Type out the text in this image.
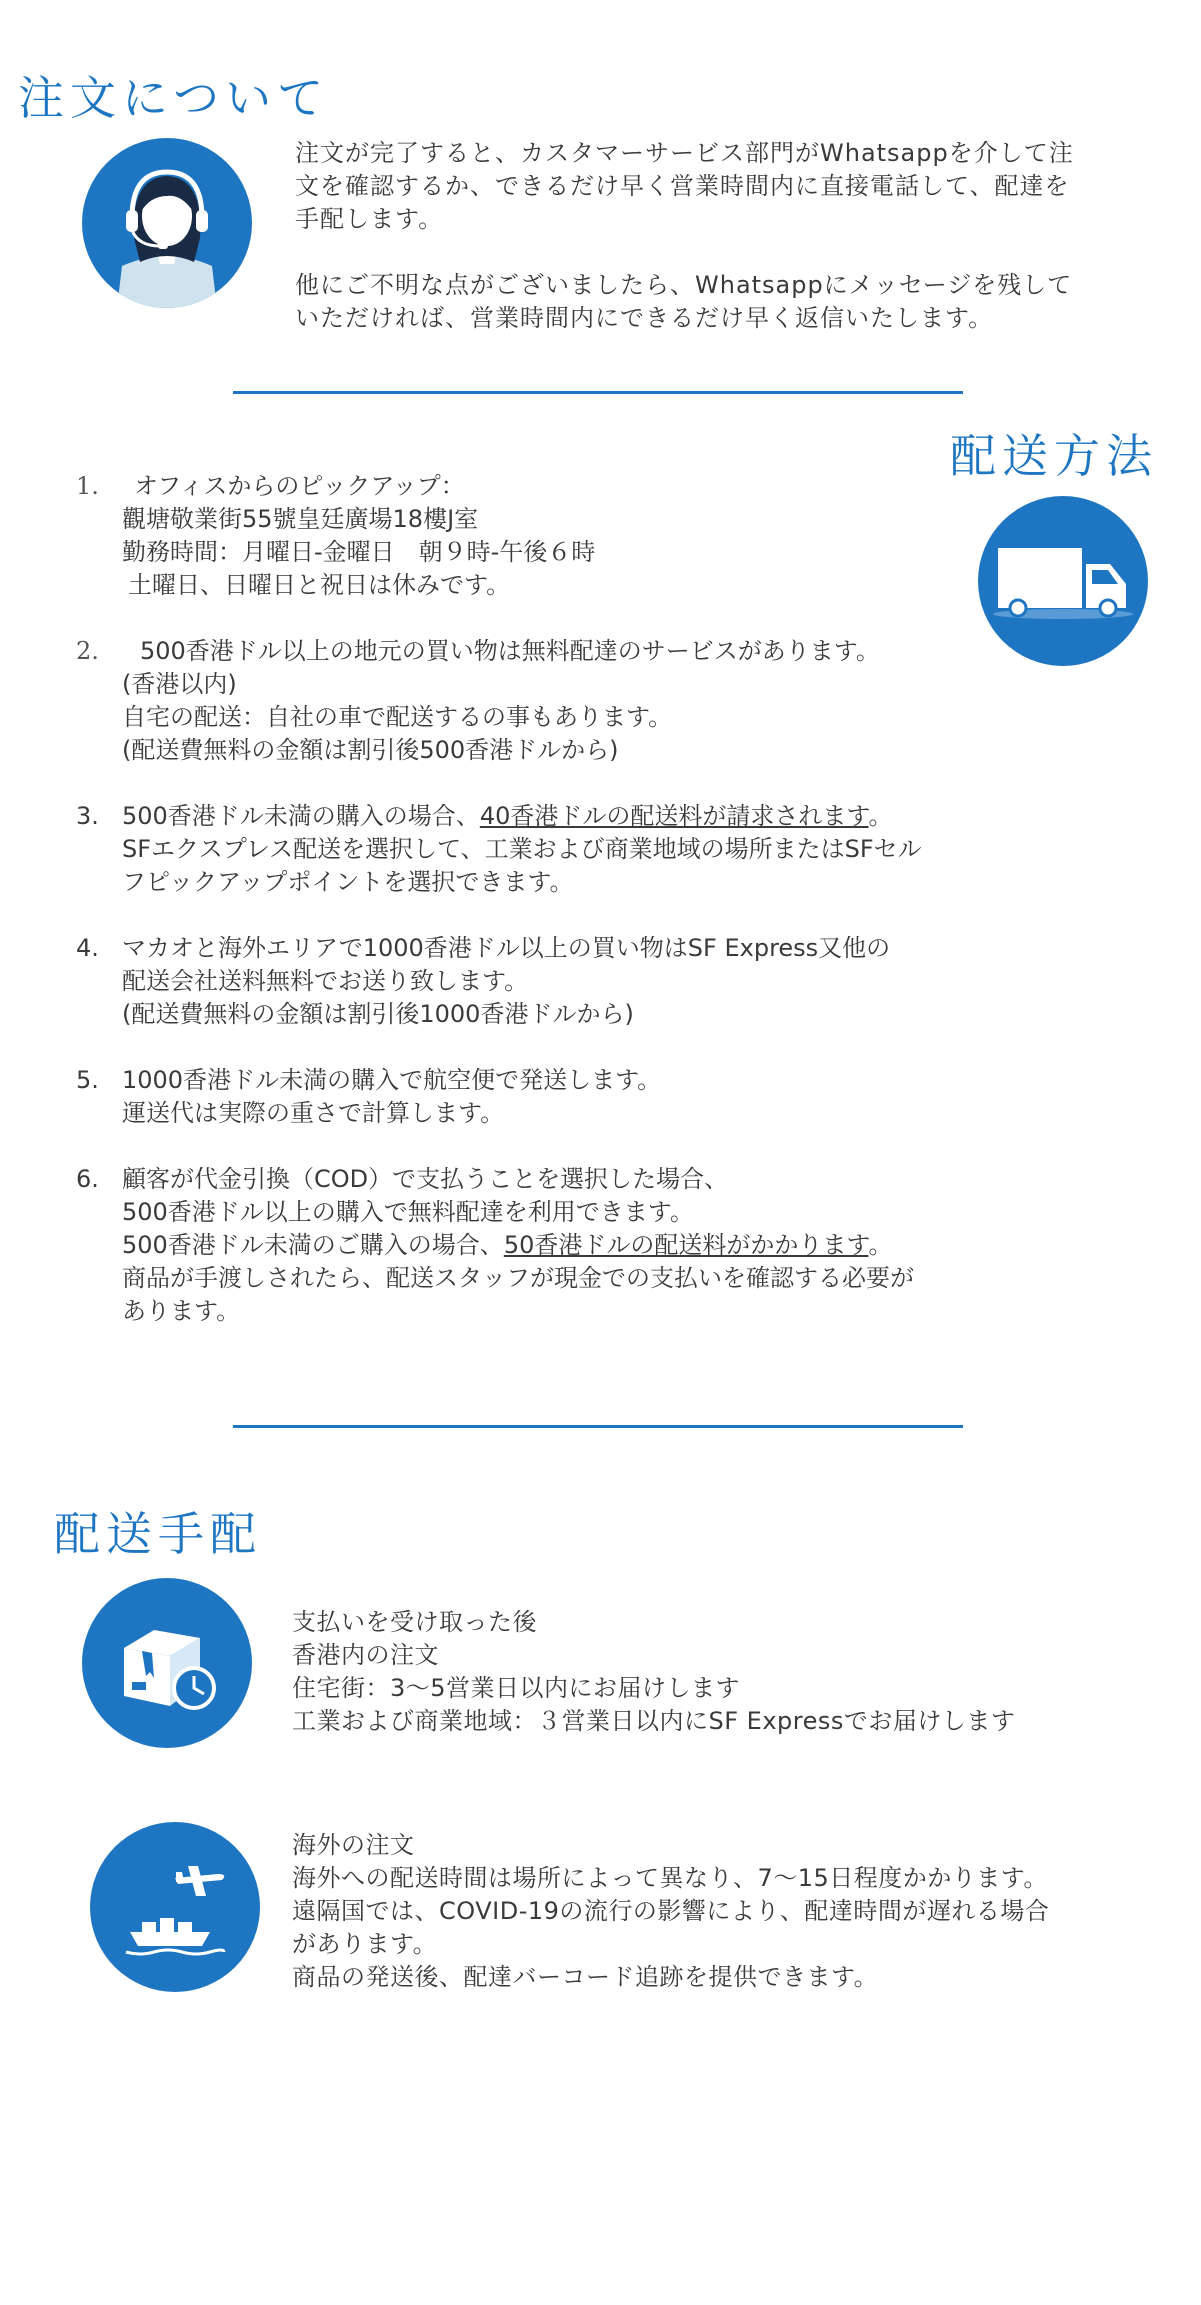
注文について

注文が完了すると、カスタマーサービス部門がWhatsappを介して注

文を確認するか、できるだけ早く営業時間内に直接電話して、配達を

手配します。

他にご不明な点がございましたら、Whatsappにメッセージを残して

いただければ、営業時間内にできるだけ早く返信いたします。

配送方法
1.	オフィスからのピックアップ：

觀塘敬業街55號皇廷廣場18樓J室

勤務時間：月曜日-金曜日　朝９時-午後６時

土曜日、日曜日と祝日は休みです。

2.	500香港ドル以上の地元の買い物は無料配達のサービスがあります。

(香港以内)

自宅の配送：自社の車で配送するの事もあります。

(配送費無料の金額は割引後500香港ドルから)

3. 500香港ドル未満の購入の場合、40香港ドルの配送料が請求されます。

SFエクスプレス配送を選択して、工業および商業地域の場所またはSFセル

フピックアップポイントを選択できます。

4. マカオと海外エリアで1000香港ドル以上の買い物はSF Express又他の

配送会社送料無料でお送り致します。

(配送費無料の金額は割引後1000香港ドルから)

5. 1000香港ドル未満の購入で航空便で発送します。

運送代は実際の重さで計算します。

6. 顧客が代金引換（COD）で支払うことを選択した場合、

500香港ドル以上の購入で無料配達を利用できます。

500香港ドル未満のご購入の場合、50香港ドルの配送料がかかります。

商品が手渡しされたら、配送スタッフが現金での支払いを確認する必要が

あります。

配送手配

支払いを受け取った後

香港内の注文

住宅街：3～5営業日以内にお届けします

工業および商業地域：３営業日以内にSF Expressでお届けします

海外の注文

海外への配送時間は場所によって異なり、7～15日程度かかります。

遠隔国では、COVID-19の流行の影響により、配達時間が遅れる場合

があります。

商品の発送後、配達バーコード追跡を提供できます。
